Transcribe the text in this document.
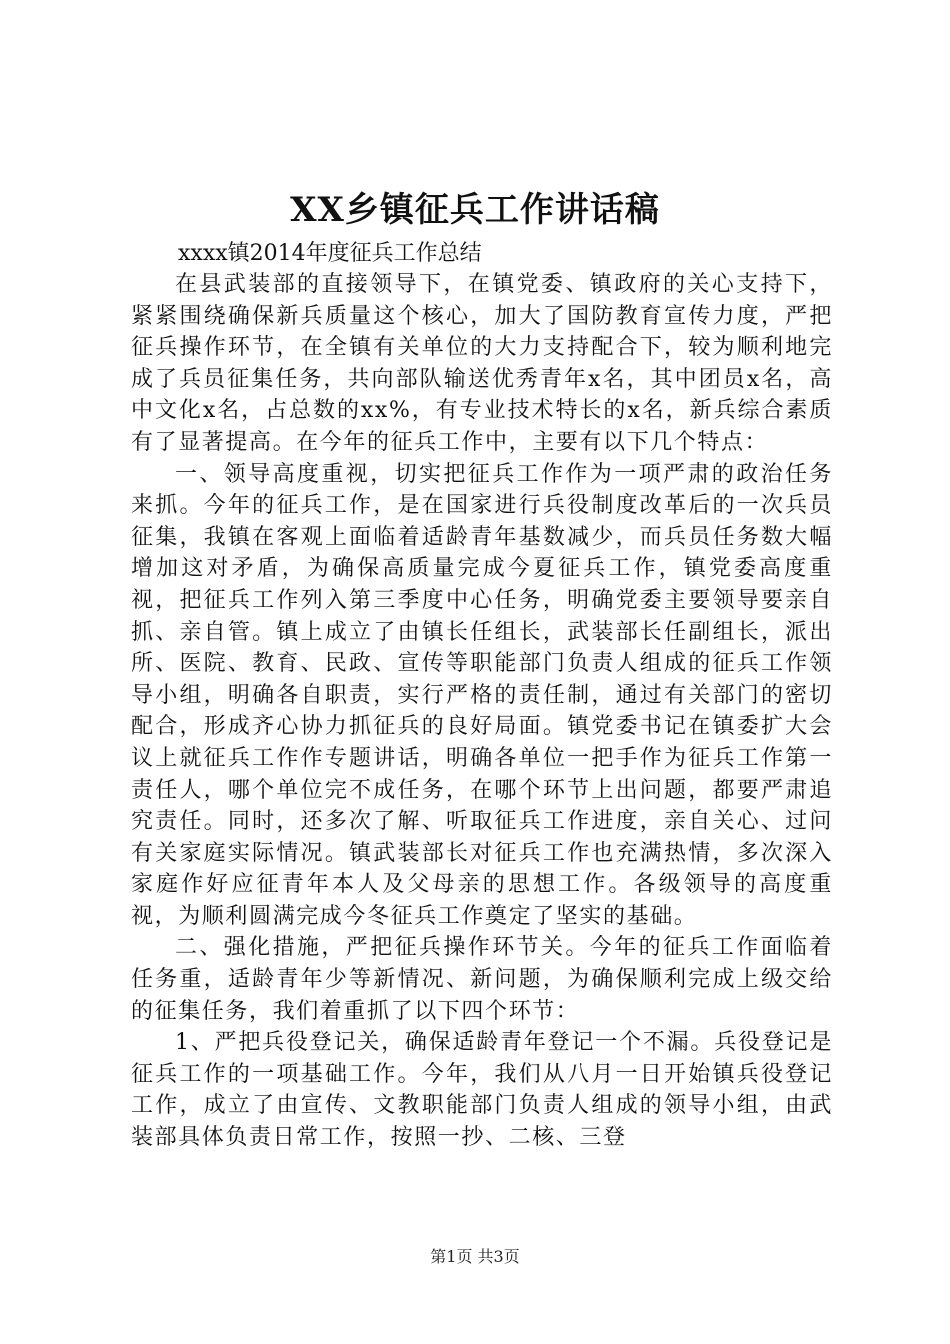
XX乡镇征兵工作讲话稿

xxxx镇2014年度征兵工作总结

在县武装部的直接领导下，在镇党委、镇政府的关心支持下，紧紧围绕确保新兵质量这个核心，加大了国防教育宣传力度，严把征兵操作环节，在全镇有关单位的大力支持配合下，较为顺利地完成了兵员征集任务，共向部队输送优秀青年x名，其中团员x名，高中文化x名，占总数的xx%，有专业技术特长的x名，新兵综合素质有了显著提高。在今年的征兵工作中，主要有以下几个特点：

一、领导高度重视，切实把征兵工作作为一项严肃的政治任务来抓。今年的征兵工作，是在国家进行兵役制度改革后的一次兵员征集，我镇在客观上面临着适龄青年基数减少，而兵员任务数大幅增加这对矛盾，为确保高质量完成今夏征兵工作，镇党委高度重视，把征兵工作列入第三季度中心任务，明确党委主要领导要亲自抓、亲自管。镇上成立了由镇长任组长，武装部长任副组长，派出所、医院、教育、民政、宣传等职能部门负责人组成的征兵工作领导小组，明确各自职责，实行严格的责任制，通过有关部门的密切配合，形成齐心协力抓征兵的良好局面。镇党委书记在镇委扩大会议上就征兵工作作专题讲话，明确各单位一把手作为征兵工作第一责任人，哪个单位完不成任务，在哪个环节上出问题，都要严肃追究责任。同时，还多次了解、听取征兵工作进度，亲自关心、过问有关家庭实际情况。镇武装部长对征兵工作也充满热情，多次深入家庭作好应征青年本人及父母亲的思想工作。各级领导的高度重视，为顺利圆满完成今冬征兵工作奠定了坚实的基础。

二、强化措施，严把征兵操作环节关。今年的征兵工作面临着任务重，适龄青年少等新情况、新问题，为确保顺利完成上级交给的征集任务，我们着重抓了以下四个环节：

1、严把兵役登记关，确保适龄青年登记一个不漏。兵役登记是征兵工作的一项基础工作。今年，我们从八月一日开始镇兵役登记工作，成立了由宣传、文教职能部门负责人组成的领导小组，由武装部具体负责日常工作，按照一抄、二核、三登

第1页 共3页
